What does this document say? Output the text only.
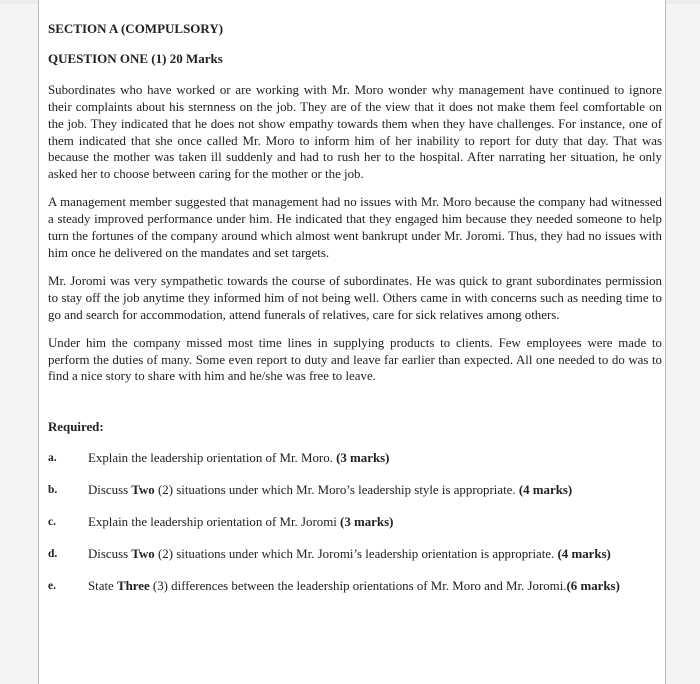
SECTION A (COMPULSORY)
QUESTION ONE (1) 20 Marks

Subordinates who have worked or are working with Mr. Moro wonder why management have continued to ignore their complaints about his sternness on the job. They are of the view that it does not make them feel comfortable on the job. They indicated that he does not show empathy towards them when they have challenges. For instance, one of them indicated that she once called Mr. Moro to inform him of her inability to report for duty that day. That was because the mother was taken ill suddenly and had to rush her to the hospital. After narrating her situation, he only asked her to choose between caring for the mother or the job.

A management member suggested that management had no issues with Mr. Moro because the company had witnessed a steady improved performance under him. He indicated that they engaged him because they needed someone to help turn the fortunes of the company around which almost went bankrupt under Mr. Joromi. Thus, they had no issues with him once he delivered on the mandates and set targets.

Mr. Joromi was very sympathetic towards the course of subordinates. He was quick to grant subordinates permission to stay off the job anytime they informed him of not being well. Others came in with concerns such as needing time to go and search for accommodation, attend funerals of relatives, care for sick relatives among others.

Under him the company missed most time lines in supplying products to clients. Few employees were made to perform the duties of many. Some even report to duty and leave far earlier than expected. All one needed to do was to find a nice story to share with him and he/she was free to leave.

Required:
a. Explain the leadership orientation of Mr. Moro. (3 marks)
b. Discuss Two (2) situations under which Mr. Moro’s leadership style is appropriate. (4 marks)
c. Explain the leadership orientation of Mr. Joromi (3 marks)
d. Discuss Two (2) situations under which Mr. Joromi’s leadership orientation is appropriate. (4 marks)
e. State Three (3) differences between the leadership orientations of Mr. Moro and Mr. Joromi.(6 marks)
